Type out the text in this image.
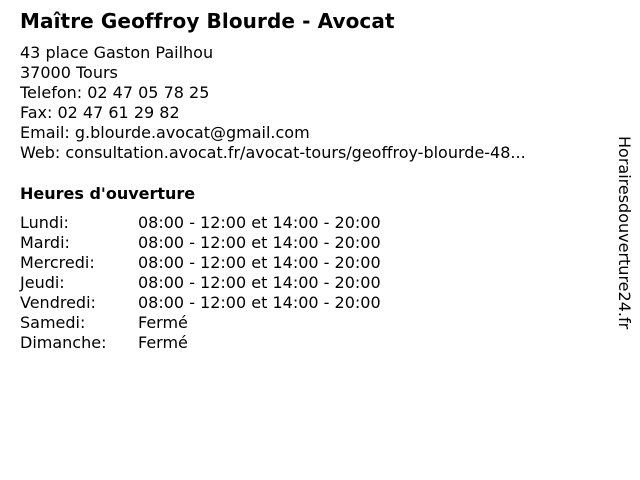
Maître Geoffroy Blourde - Avocat
43 place Gaston Pailhou
37000 Tours
Telefon: 02 47 05 78 25
Fax: 02 47 61 29 82
Email: g.blourde.avocat@gmail.com
Web: consultation.avocat.fr/avocat-tours/geoffroy-blourde-48...
Heures d'ouverture
Lundi:	08:00 - 12:00 et 14:00 - 20:00
Mardi:	08:00 - 12:00 et 14:00 - 20:00
Mercredi:	08:00 - 12:00 et 14:00 - 20:00
Jeudi:	08:00 - 12:00 et 14:00 - 20:00
Vendredi:	08:00 - 12:00 et 14:00 - 20:00
Samedi:	Fermé
Dimanche:	Fermé
Horairesdouverture24.fr
